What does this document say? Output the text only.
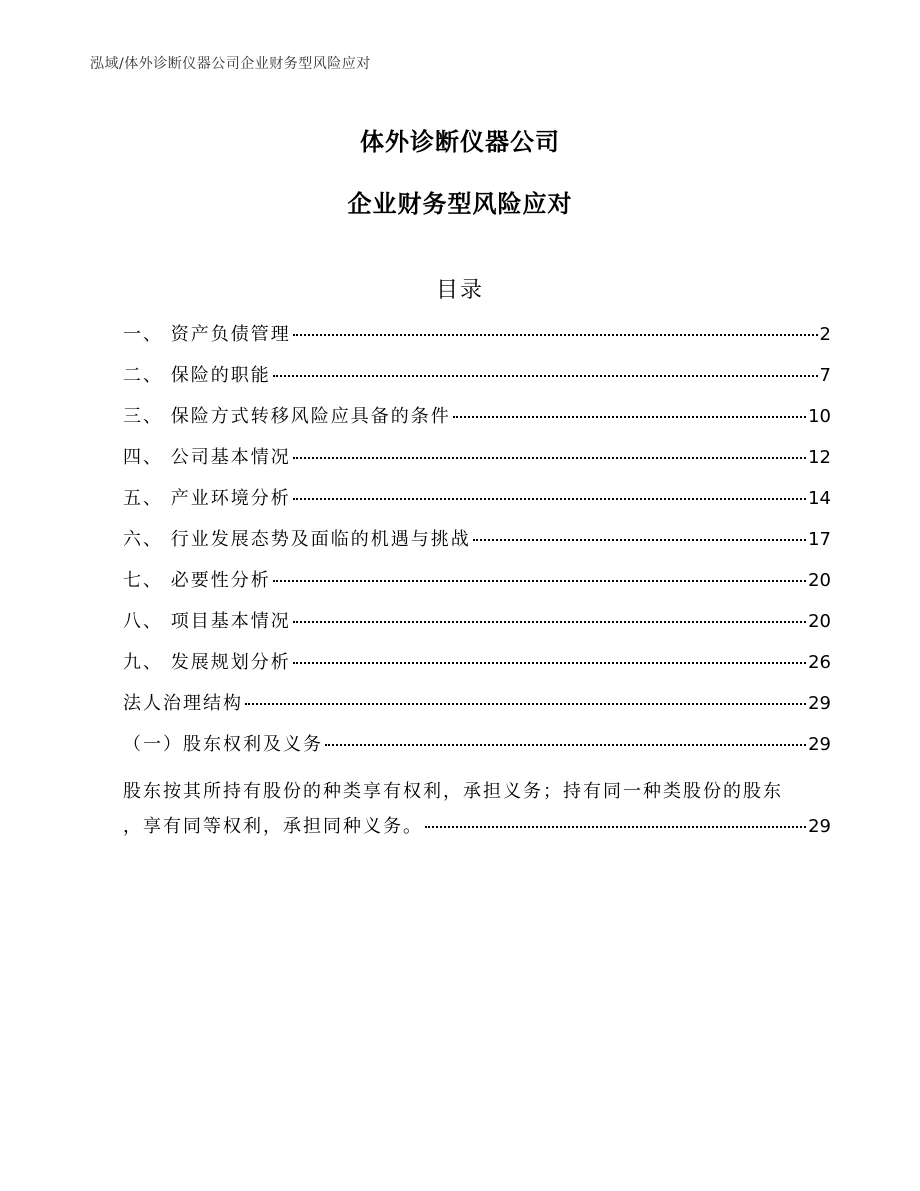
泓域/体外诊断仪器公司企业财务型风险应对
体外诊断仪器公司
企业财务型风险应对
目录
一、 资产负债管理	2
二、 保险的职能	7
三、 保险方式转移风险应具备的条件	10
四、 公司基本情况	12
五、 产业环境分析	14
六、 行业发展态势及面临的机遇与挑战	17
七、 必要性分析	20
八、 项目基本情况	20
九、 发展规划分析	26
法人治理结构	29
（一）股东权利及义务	29
股东按其所持有股份的种类享有权利，承担义务；持有同一种类股份的股东
，享有同等权利，承担同种义务。	29
